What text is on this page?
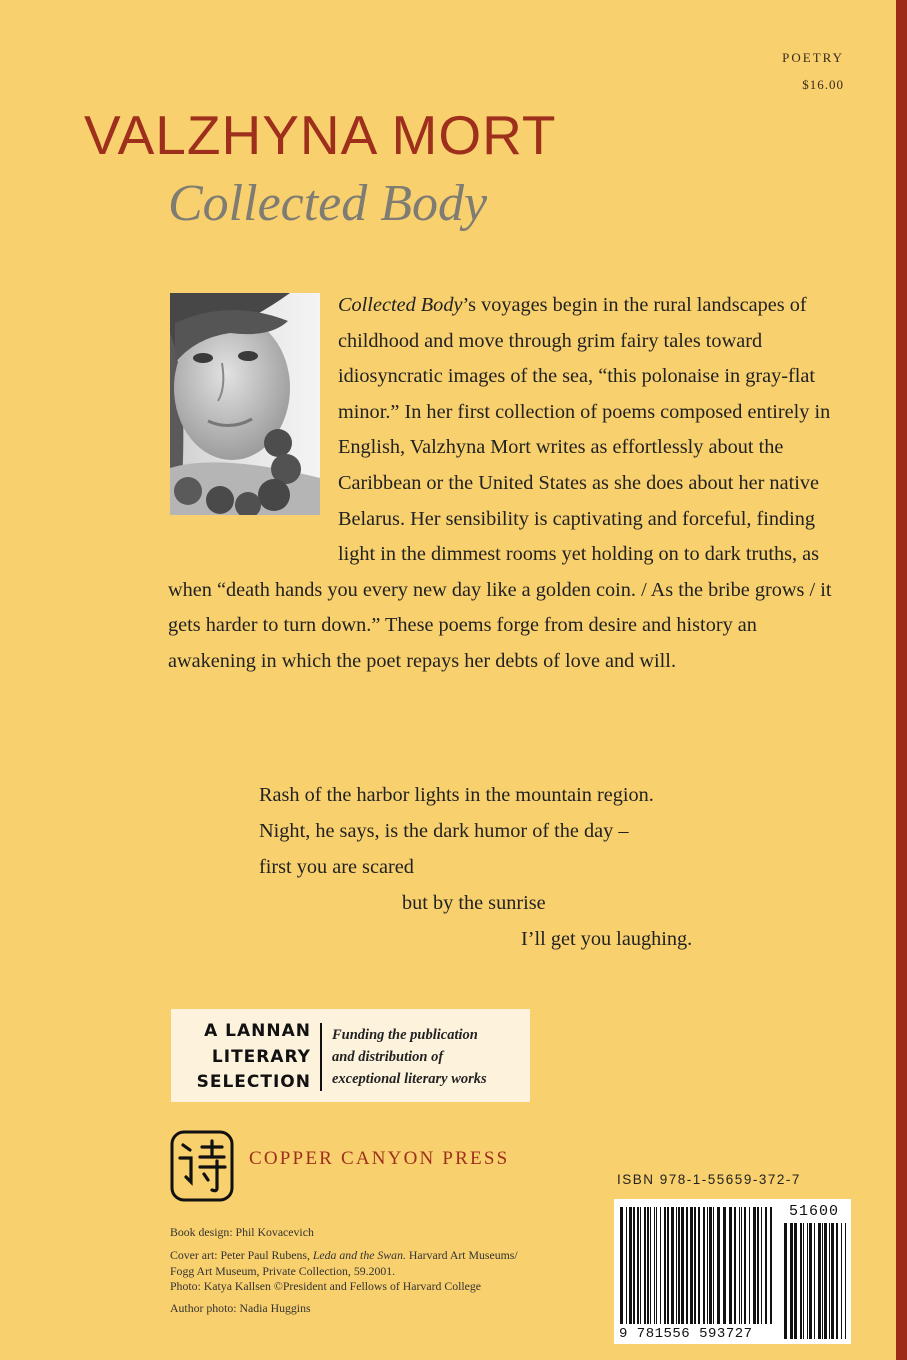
POETRY
$16.00
VALZHYNA MORT
Collected Body

Collected Body’s voyages begin in the rural landscapes of childhood and move through grim fairy tales toward idiosyncratic images of the sea, “this polonaise in gray-flat minor.” In her first collection of poems composed entirely in English, Valzhyna Mort writes as effortlessly about the Caribbean or the United States as she does about her native Belarus. Her sensibility is captivating and forceful, finding light in the dimmest rooms yet holding on to dark truths, as when “death hands you every new day like a golden coin. / As the bribe grows / it gets harder to turn down.” These poems forge from desire and history an awakening in which the poet repays her debts of love and will.

Rash of the harbor lights in the mountain region.
Night, he says, is the dark humor of the day –
first you are scared
but by the sunrise
I’ll get you laughing.
A LANNAN
LITERARY
SELECTION
Funding the publication
and distribution of
exceptional literary works
COPPER CANYON PRESS
ISBN 978-1-55659-372-7
51600
9 781556 593727
Book design: Phil Kovacevich
Cover art: Peter Paul Rubens, Leda and the Swan. Harvard Art Museums/
Fogg Art Museum, Private Collection, 59.2001.
Photo: Katya Kallsen ©President and Fellows of Harvard College
Author photo: Nadia Huggins
